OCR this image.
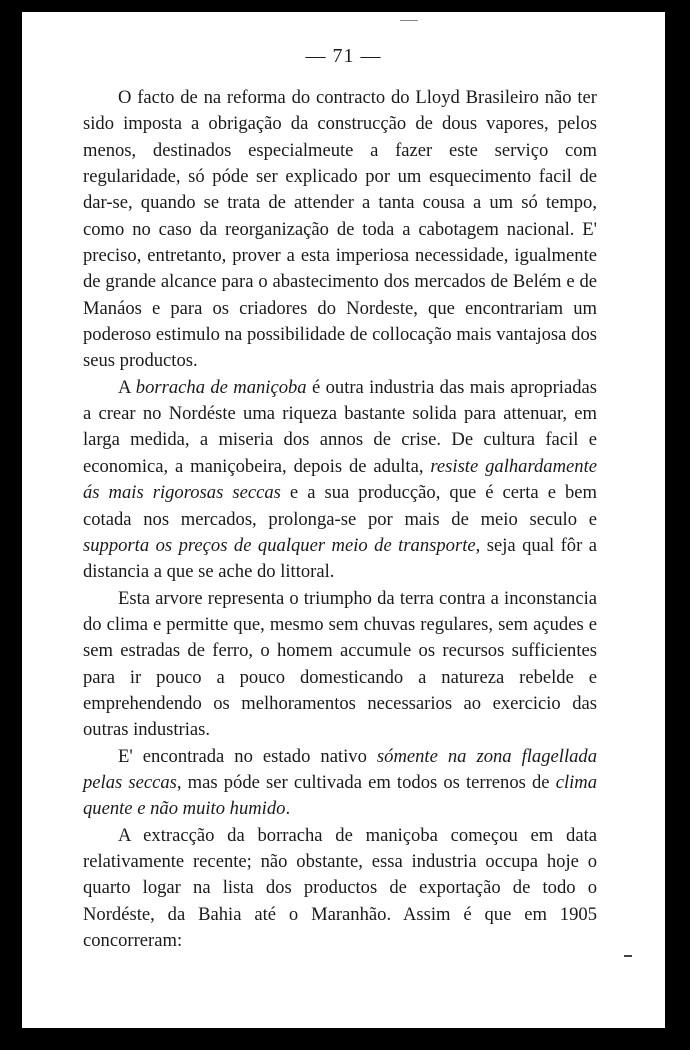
— 71 —

O facto de na reforma do contracto do Lloyd Brasileiro não ter sido imposta a obrigação da construcção de dous vapores, pelos menos, destinados especialmeute a fazer este serviço com regularidade, só póde ser explicado por um esquecimento facil de dar-se, quando se trata de attender a tanta cousa a um só tempo, como no caso da reorganização de toda a cabotagem nacional. E' preciso, entretanto, prover a esta imperiosa necessidade, igualmente de grande alcance para o abastecimento dos mercados de Belém e de Manáos e para os criadores do Nordeste, que encontrariam um poderoso estimulo na possibilidade de collocação mais vantajosa dos seus productos.

A borracha de maniçoba é outra industria das mais apropriadas a crear no Nordéste uma riqueza bastante solida para attenuar, em larga medida, a miseria dos annos de crise. De cultura facil e economica, a maniçobeira, depois de adulta, resiste galhardamente ás mais rigorosas seccas e a sua producção, que é certa e bem cotada nos mercados, prolonga-se por mais de meio seculo e supporta os preços de qualquer meio de transporte, seja qual fôr a distancia a que se ache do littoral.

Esta arvore representa o triumpho da terra contra a inconstancia do clima e permitte que, mesmo sem chuvas regulares, sem açudes e sem estradas de ferro, o homem accumule os recursos sufficientes para ir pouco a pouco domesticando a natureza rebelde e emprehendendo os melhoramentos necessarios ao exercicio das outras industrias.

E' encontrada no estado nativo sómente na zona flagellada pelas seccas, mas póde ser cultivada em todos os terrenos de clima quente e não muito humido.

A extracção da borracha de maniçoba começou em data relativamente recente; não obstante, essa industria occupa hoje o quarto logar na lista dos productos de exportação de todo o Nordéste, da Bahia até o Maranhão. Assim é que em 1905 concorreram:
